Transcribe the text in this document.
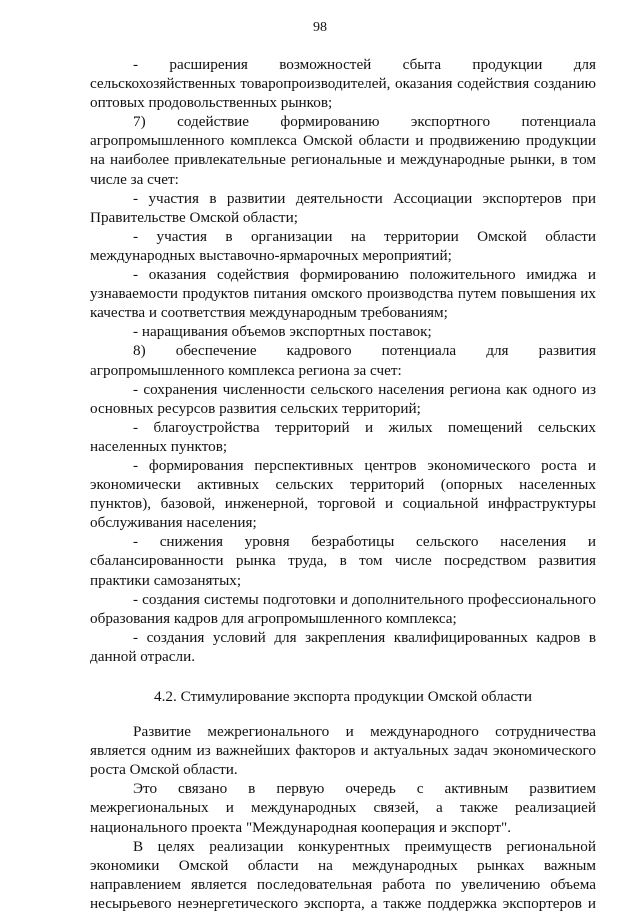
98

- расширения возможностей сбыта продукции для сельскохозяйственных товаропроизводителей, оказания содействия созданию оптовых продовольственных рынков;

7) содействие формированию экспортного потенциала агропромышленного комплекса Омской области и продвижению продукции на наиболее привлекательные региональные и международные рынки, в том числе за счет:

- участия в развитии деятельности Ассоциации экспортеров при Правительстве Омской области;

- участия в организации на территории Омской области международных выставочно-ярмарочных мероприятий;

- оказания содействия формированию положительного имиджа и узнаваемости продуктов питания омского производства путем повышения их качества и соответствия международным требованиям;

- наращивания объемов экспортных поставок;

8) обеспечение кадрового потенциала для развития агропромышленного комплекса региона за счет:

- сохранения численности сельского населения региона как одного из основных ресурсов развития сельских территорий;

- благоустройства территорий и жилых помещений сельских населенных пунктов;

- формирования перспективных центров экономического роста и экономически активных сельских территорий (опорных населенных пунктов), базовой, инженерной, торговой и социальной инфраструктуры обслуживания населения;

- снижения уровня безработицы сельского населения и сбалансированности рынка труда, в том числе посредством развития практики самозанятых;

- создания системы подготовки и дополнительного профессионального образования кадров для агропромышленного комплекса;

- создания условий для закрепления квалифицированных кадров в данной отрасли.

4.2. Стимулирование экспорта продукции Омской области

Развитие межрегионального и международного сотрудничества является одним из важнейших факторов и актуальных задач экономического роста Омской области.

Это связано в первую очередь с активным развитием межрегиональных и международных связей, а также реализацией национального проекта "Международная кооперация и экспорт".

В целях реализации конкурентных преимуществ региональной экономики Омской области на международных рынках важным направлением является последовательная работа по увеличению объема несырьевого неэнергетического экспорта, а также поддержка экспортеров и
